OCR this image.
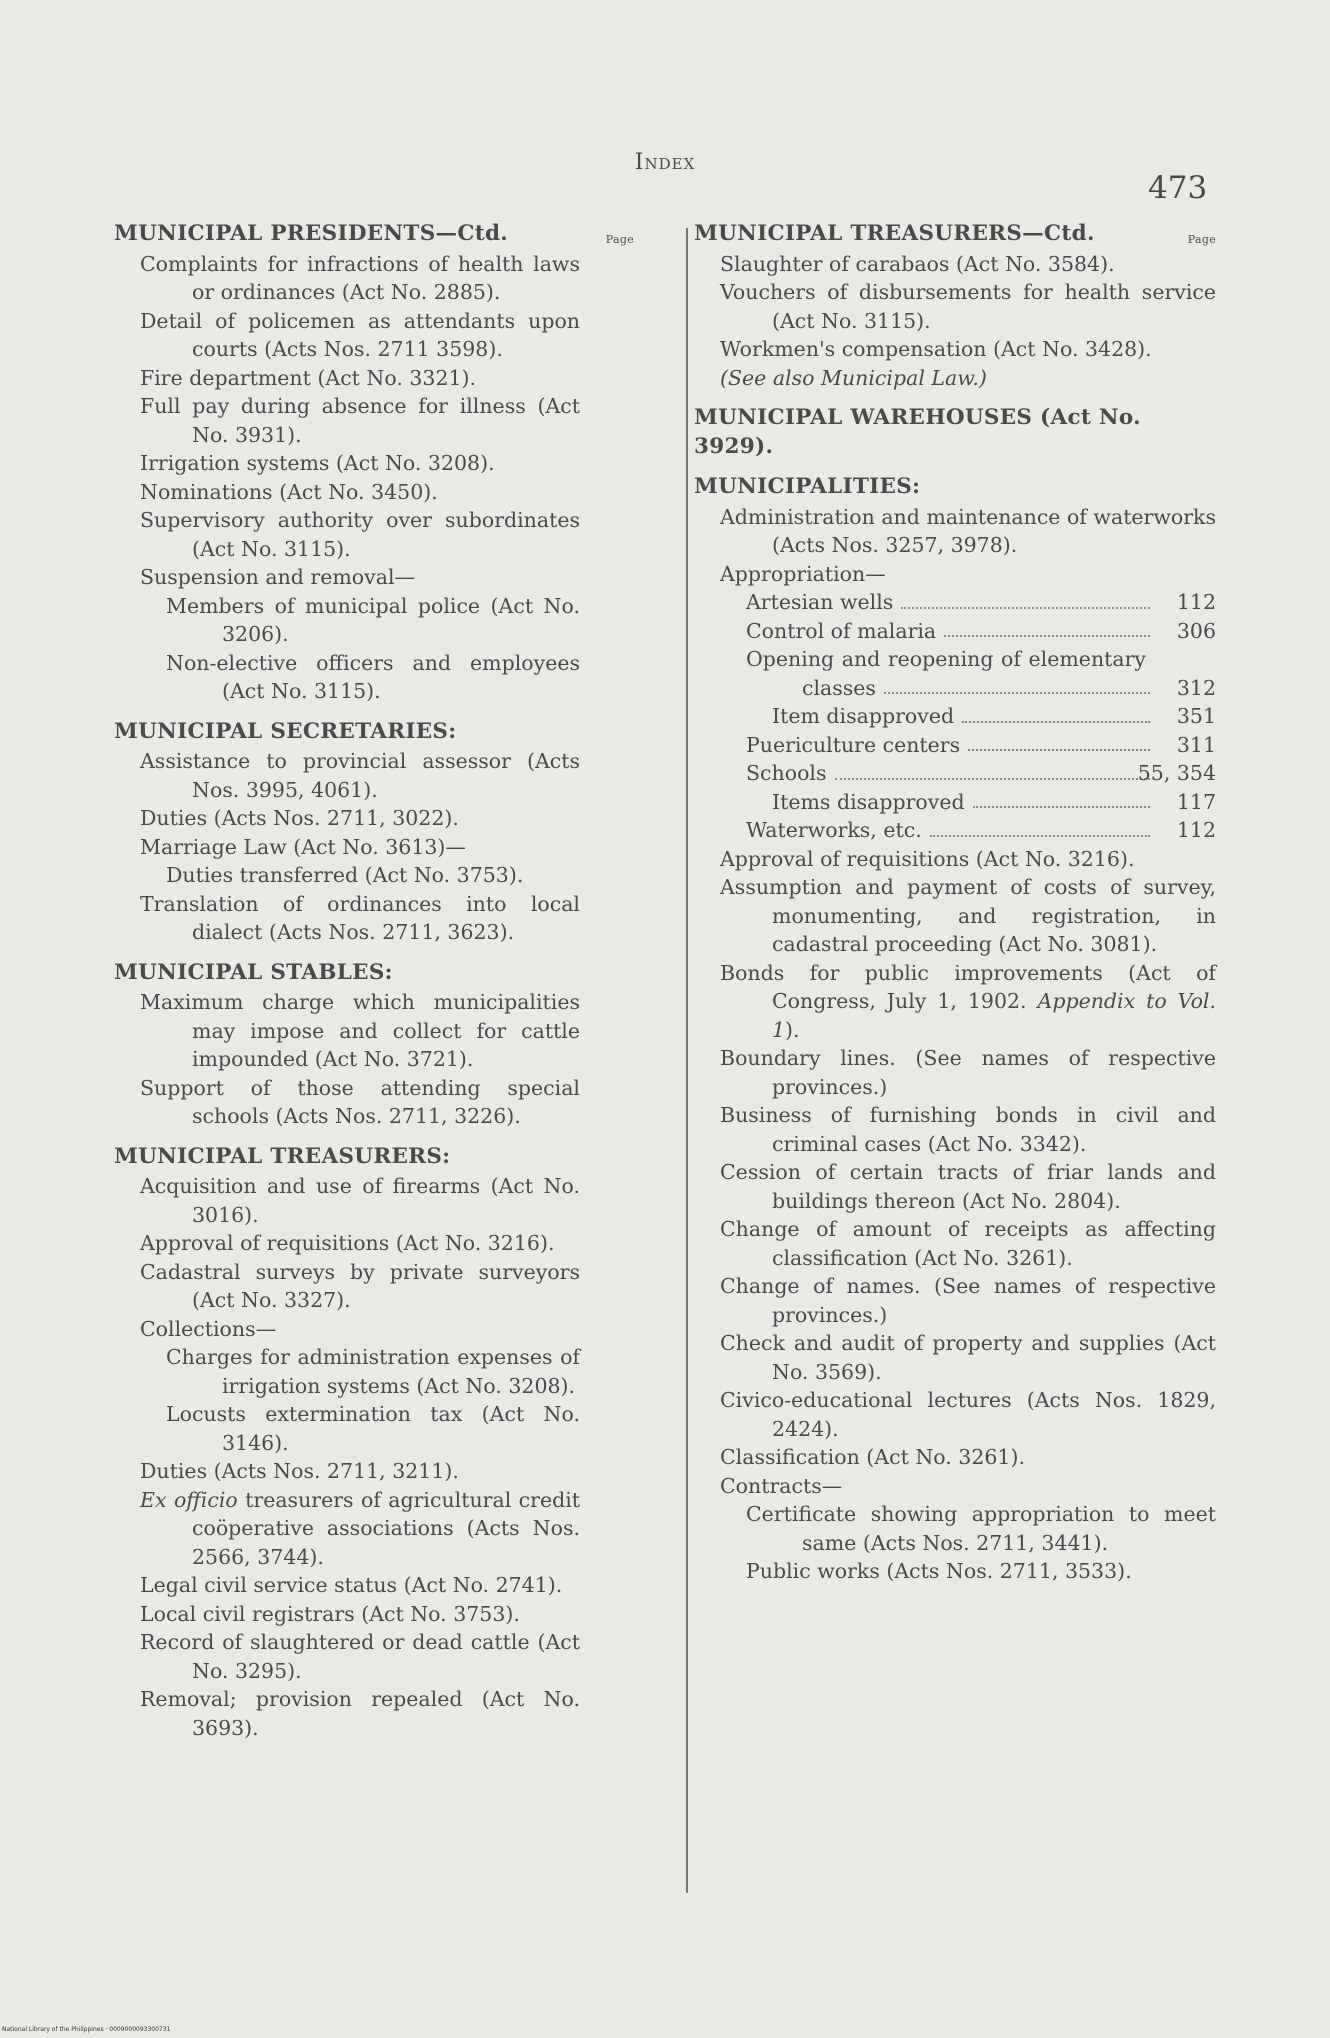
Index
473
Page
MUNICIPAL PRESIDENTS—Ctd.
Complaints for infractions of health laws or ordinances (Act No. 2885).
Detail of policemen as attendants upon courts (Acts Nos. 2711 3598).
Fire department (Act No. 3321).
Full pay during absence for illness (Act No. 3931).
Irrigation systems (Act No. 3208).
Nominations (Act No. 3450).
Supervisory authority over subordinates (Act No. 3115).
Suspension and removal—
Members of municipal police (Act No. 3206).
Non-elective officers and employees (Act No. 3115).
MUNICIPAL SECRETARIES:
Assistance to provincial assessor (Acts Nos. 3995, 4061).
Duties (Acts Nos. 2711, 3022).
Marriage Law (Act No. 3613)—
Duties transferred (Act No. 3753).
Translation of ordinances into local dialect (Acts Nos. 2711, 3623).
MUNICIPAL STABLES:
Maximum charge which municipalities may impose and collect for cattle impounded (Act No. 3721).
Support of those attending special schools (Acts Nos. 2711, 3226).
MUNICIPAL TREASURERS:
Acquisition and use of firearms (Act No. 3016).
Approval of requisitions (Act No. 3216).
Cadastral surveys by private surveyors (Act No. 3327).
Collections—
Charges for administration expenses of irrigation systems (Act No. 3208).
Locusts extermination tax (Act No. 3146).
Duties (Acts Nos. 2711, 3211).
Ex officio treasurers of agricultural credit coöperative associations (Acts Nos. 2566, 3744).
Legal civil service status (Act No. 2741).
Local civil registrars (Act No. 3753).
Record of slaughtered or dead cattle (Act No. 3295).
Removal; provision repealed (Act No. 3693).
Page
MUNICIPAL TREASURERS—Ctd.
Slaughter of carabaos (Act No. 3584).
Vouchers of disbursements for health service (Act No. 3115).
Workmen's compensation (Act No. 3428).
(See also Municipal Law.)
MUNICIPAL WAREHOUSES (Act No. 3929).
MUNICIPALITIES:
Administration and maintenance of waterworks (Acts Nos. 3257, 3978).
Appropriation—
Artesian wells	112
Control of malaria	306
Opening and reopening of elementary classes	312
Item disapproved	351
Puericulture centers	311
Schools	55, 354
Items disapproved	117
Waterworks, etc.	112
Approval of requisitions (Act No. 3216).
Assumption and payment of costs of survey, monumenting, and registration, in cadastral proceeding (Act No. 3081).
Bonds for public improvements (Act of Congress, July 1, 1902. Appendix to Vol. 1).
Boundary lines. (See names of respective provinces.)
Business of furnishing bonds in civil and criminal cases (Act No. 3342).
Cession of certain tracts of friar lands and buildings thereon (Act No. 2804).
Change of amount of receipts as affecting classification (Act No. 3261).
Change of names. (See names of respective provinces.)
Check and audit of property and supplies (Act No. 3569).
Civico-educational lectures (Acts Nos. 1829, 2424).
Classification (Act No. 3261).
Contracts—
Certificate showing appropriation to meet same (Acts Nos. 2711, 3441).
Public works (Acts Nos. 2711, 3533).
National Library of the Philippines · 0009000093300731
